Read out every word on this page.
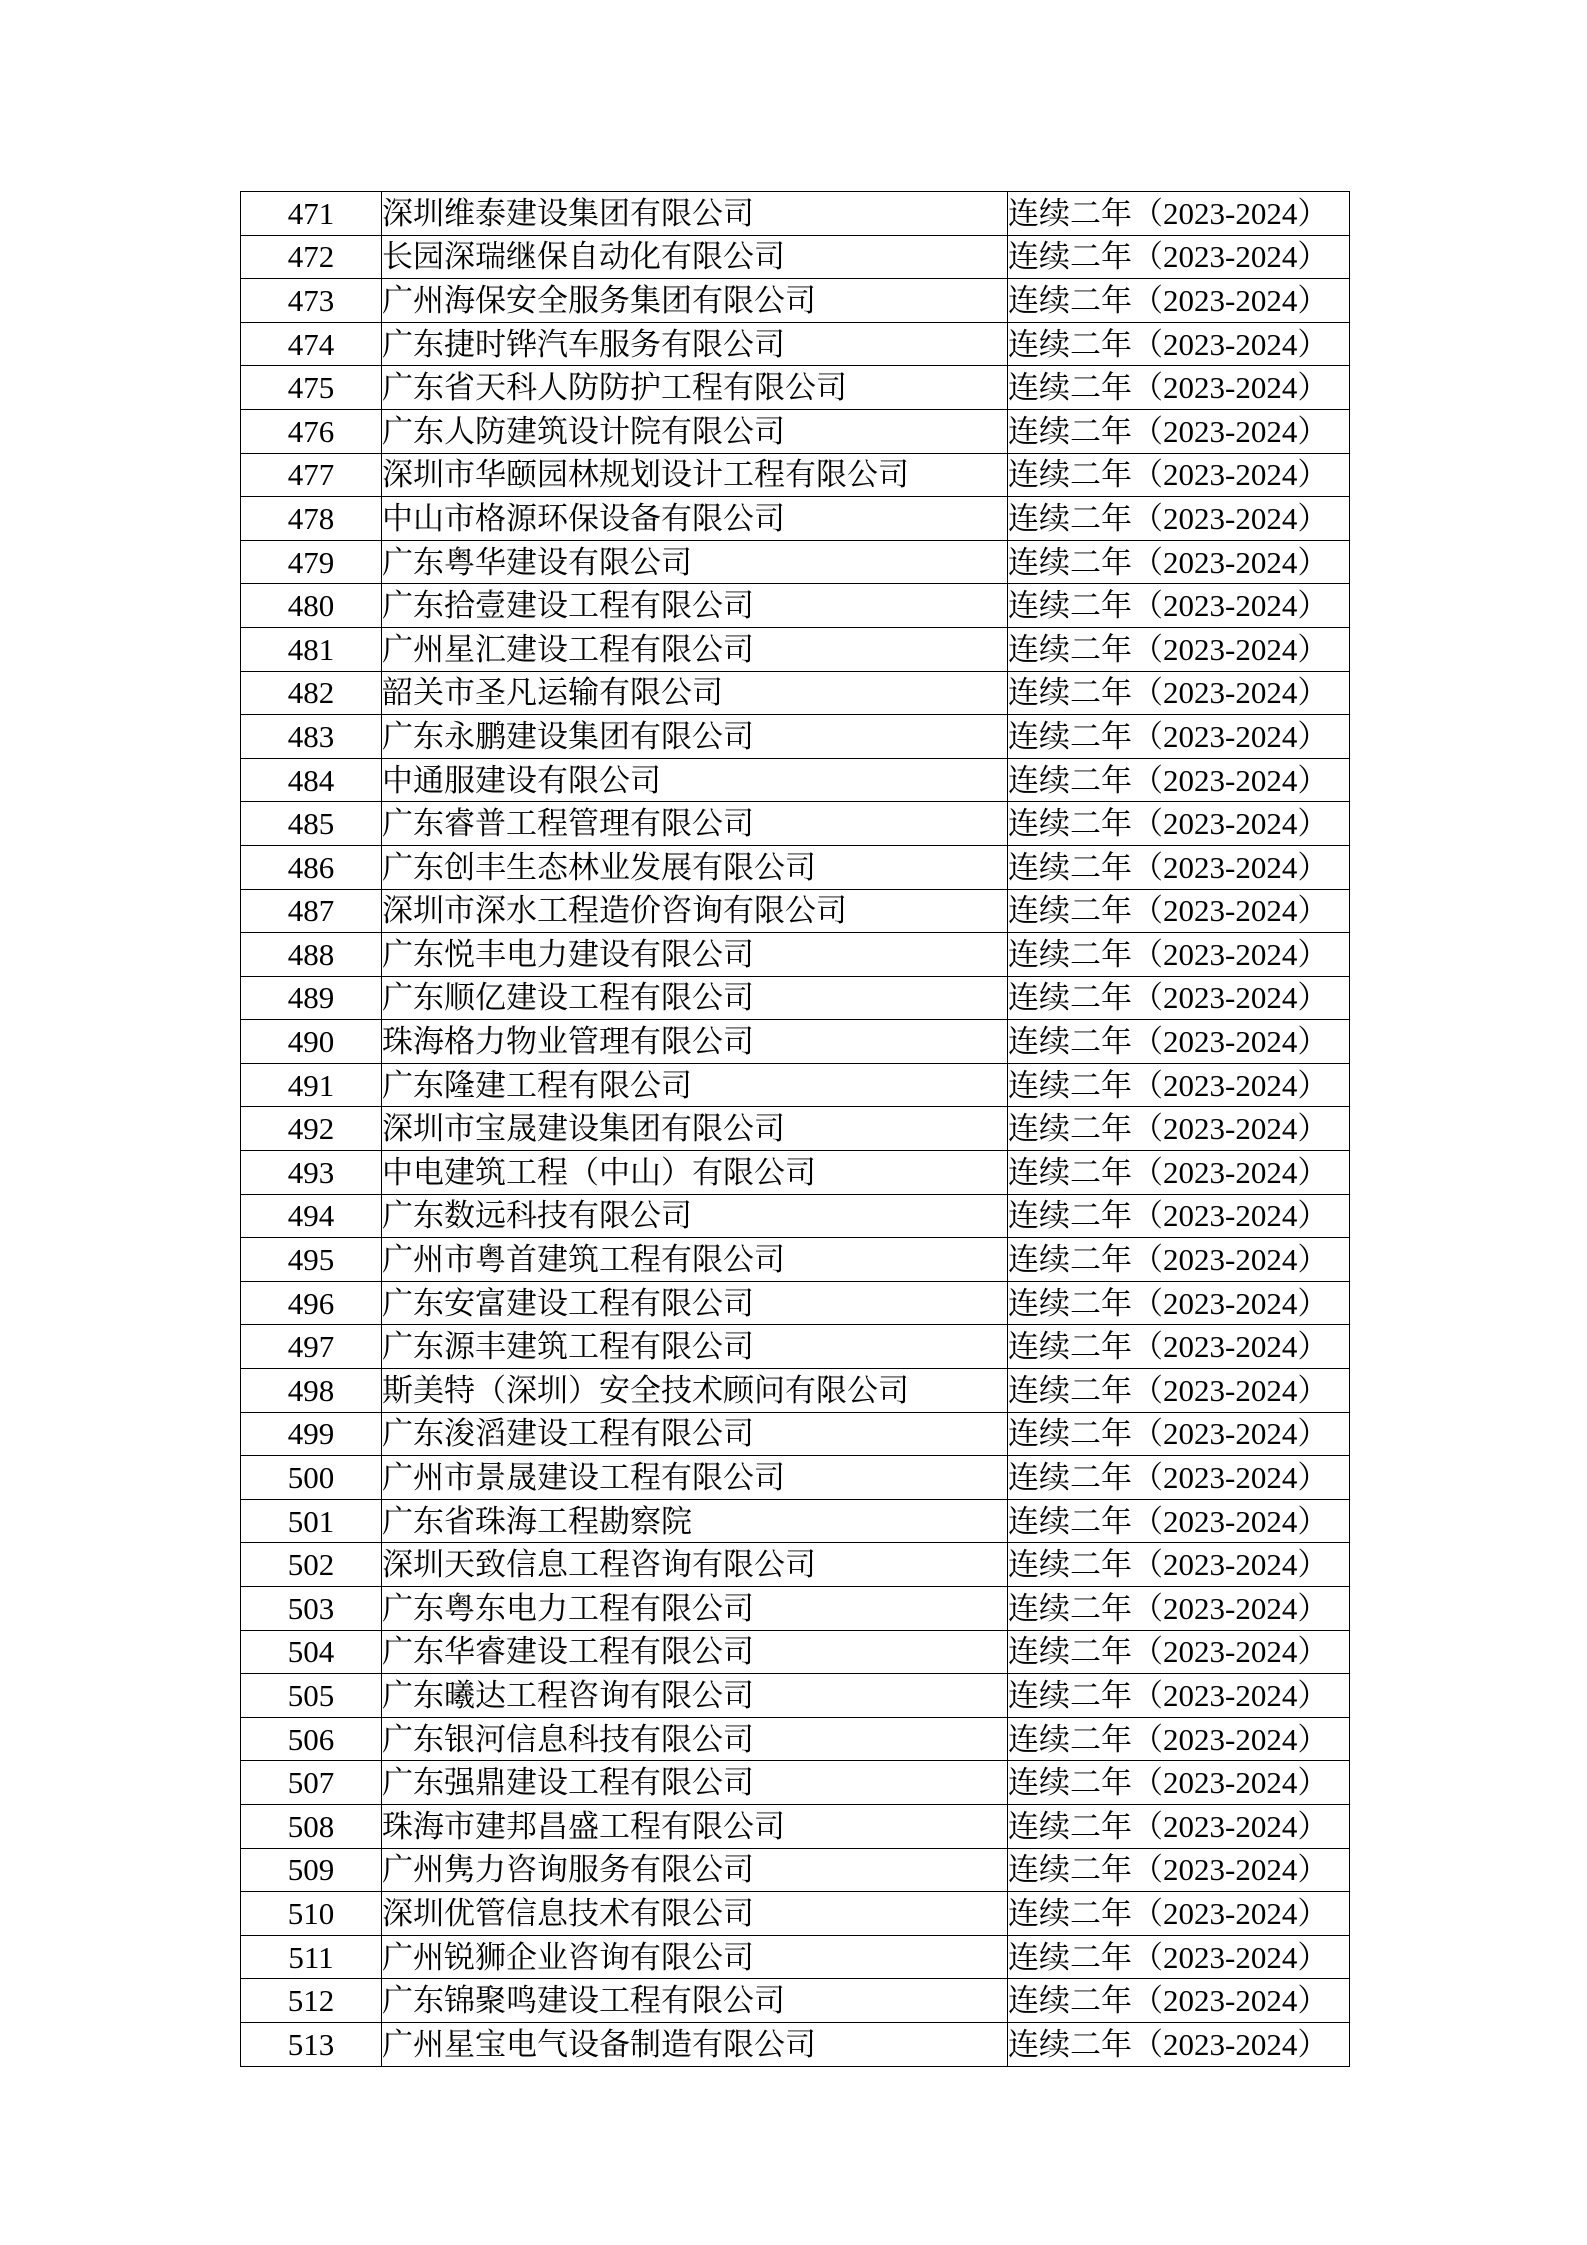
471	深圳维泰建设集团有限公司	连续二年（2023-2024）
472	长园深瑞继保自动化有限公司	连续二年（2023-2024）
473	广州海保安全服务集团有限公司	连续二年（2023-2024）
474	广东捷时铧汽车服务有限公司	连续二年（2023-2024）
475	广东省天科人防防护工程有限公司	连续二年（2023-2024）
476	广东人防建筑设计院有限公司	连续二年（2023-2024）
477	深圳市华颐园林规划设计工程有限公司	连续二年（2023-2024）
478	中山市格源环保设备有限公司	连续二年（2023-2024）
479	广东粤华建设有限公司	连续二年（2023-2024）
480	广东拾壹建设工程有限公司	连续二年（2023-2024）
481	广州星汇建设工程有限公司	连续二年（2023-2024）
482	韶关市圣凡运输有限公司	连续二年（2023-2024）
483	广东永鹏建设集团有限公司	连续二年（2023-2024）
484	中通服建设有限公司	连续二年（2023-2024）
485	广东睿普工程管理有限公司	连续二年（2023-2024）
486	广东创丰生态林业发展有限公司	连续二年（2023-2024）
487	深圳市深水工程造价咨询有限公司	连续二年（2023-2024）
488	广东悦丰电力建设有限公司	连续二年（2023-2024）
489	广东顺亿建设工程有限公司	连续二年（2023-2024）
490	珠海格力物业管理有限公司	连续二年（2023-2024）
491	广东隆建工程有限公司	连续二年（2023-2024）
492	深圳市宝晟建设集团有限公司	连续二年（2023-2024）
493	中电建筑工程（中山）有限公司	连续二年（2023-2024）
494	广东数远科技有限公司	连续二年（2023-2024）
495	广州市粤首建筑工程有限公司	连续二年（2023-2024）
496	广东安富建设工程有限公司	连续二年（2023-2024）
497	广东源丰建筑工程有限公司	连续二年（2023-2024）
498	斯美特（深圳）安全技术顾问有限公司	连续二年（2023-2024）
499	广东浚滔建设工程有限公司	连续二年（2023-2024）
500	广州市景晟建设工程有限公司	连续二年（2023-2024）
501	广东省珠海工程勘察院	连续二年（2023-2024）
502	深圳天致信息工程咨询有限公司	连续二年（2023-2024）
503	广东粤东电力工程有限公司	连续二年（2023-2024）
504	广东华睿建设工程有限公司	连续二年（2023-2024）
505	广东曦达工程咨询有限公司	连续二年（2023-2024）
506	广东银河信息科技有限公司	连续二年（2023-2024）
507	广东强鼎建设工程有限公司	连续二年（2023-2024）
508	珠海市建邦昌盛工程有限公司	连续二年（2023-2024）
509	广州隽力咨询服务有限公司	连续二年（2023-2024）
510	深圳优管信息技术有限公司	连续二年（2023-2024）
511	广州锐狮企业咨询有限公司	连续二年（2023-2024）
512	广东锦聚鸣建设工程有限公司	连续二年（2023-2024）
513	广州星宝电气设备制造有限公司	连续二年（2023-2024）
